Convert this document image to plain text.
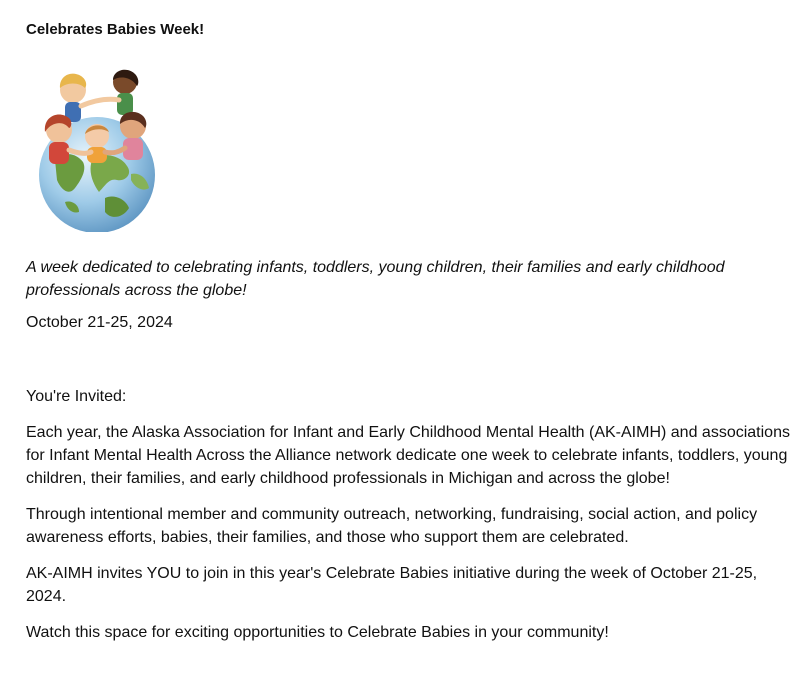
Celebrates Babies Week!

A week dedicated to celebrating infants, toddlers, young children, their families and early childhood professionals across the globe!

October 21-25, 2024

You're Invited:

Each year, the Alaska Association for Infant and Early Childhood Mental Health (AK-AIMH) and associations for Infant Mental Health Across the Alliance network dedicate one week to celebrate infants, toddlers, young children, their families, and early childhood professionals in Michigan and across the globe!

Through intentional member and community outreach, networking, fundraising, social action, and policy awareness efforts, babies, their families, and those who support them are celebrated.

AK-AIMH invites YOU to join in this year's Celebrate Babies initiative during the week of October 21-25, 2024.

Watch this space for exciting opportunities to Celebrate Babies in your community!
